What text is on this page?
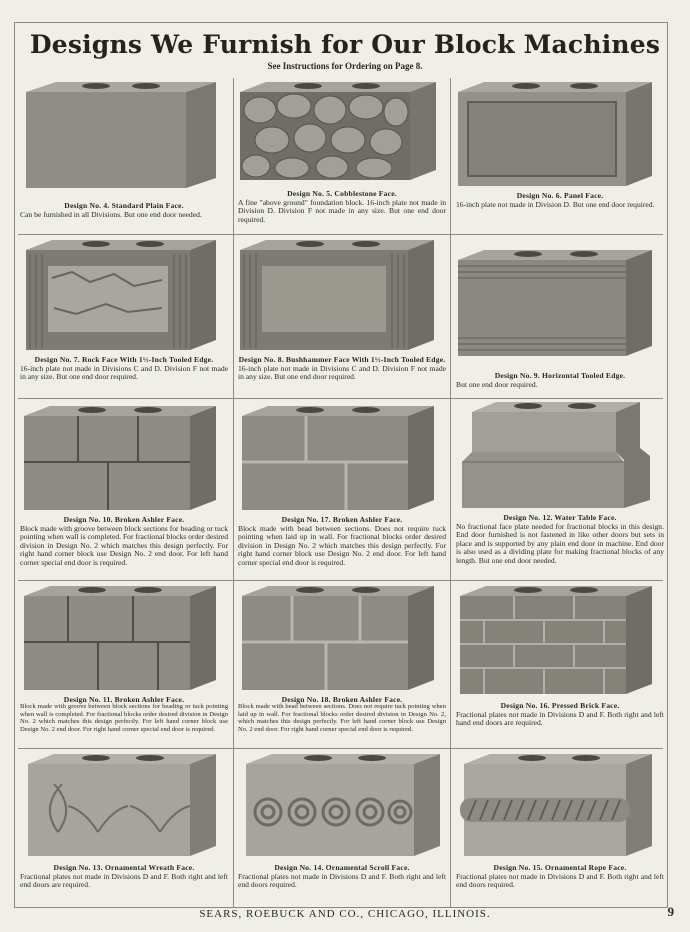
Designs We Furnish for Our Block Machines
See Instructions for Ordering on Page 8.
Design No. 4. Standard Plain Face.
Can be furnished in all Divisions. But one end door needed.
Design No. 5. Cobblestone Face.
A fine "above ground" foundation block. 16-inch plate not made in Division D. Division F not made in any size. But one end door required.
Design No. 6. Panel Face.
16-inch plate not made in Division D. But one end door required.
Design No. 7. Rock Face With 1½-Inch Tooled Edge.
16-inch plate not made in Divisions C and D. Division F not made in any size. But one end door required.
Design No. 8. Bushhammer Face With 1½-Inch Tooled Edge.
16-inch plate not made in Divisions C and D. Division F not made in any size. But one end door required.	Design No. 9. Horizontal Tooled Edge.
But one end door required.
Design No. 10. Broken Ashler Face.
Block made with groove between block sections for beading or tuck pointing when wall is completed. For fractional blocks order desired division in Design No. 2 which matches this design perfectly. For right hand corner block use Design No. 2 end door. For left hand corner special end door is required.
Design No. 17. Broken Ashler Face.
Block made with bead between sections. Does not require tuck pointing when laid up in wall. For fractional blocks order desired division in Design No. 2 which matches this design perfectly. For right hand corner block use Design No. 2 end door. For left hand corner special end door is required.
Design No. 12. Water Table Face.
No fractional face plate needed for fractional blocks in this design. End door furnished is not fastened in like other doors but sets in place and is supported by any plain end door in machine. End door is also used as a dividing plate for making fractional blocks of any length. But one end door needed.
Design No. 11. Broken Ashler Face.
Block made with groove between block sections for beading or tuck pointing when wall is completed. For fractional blocks order desired division in Design No. 2 which matches this design perfectly. For left hand corner block use Design No. 2 end door. For right hand corner special end door is required.
Design No. 18. Broken Ashler Face.
Block made with bead between sections. Does not require tuck pointing when laid up in wall. For fractional blocks order desired division in Design No. 2, which matches this design perfectly. For left hand corner block use Design No. 2 end door. For right hand corner special end door is required.
Design No. 16. Pressed Brick Face.
Fractional plates not made in Divisions D and F. Both right and left hand end doors are required.
Design No. 13. Ornamental Wreath Face.
Fractional plates not made in Divisions D and F. Both right and left end doors are required.
Design No. 14. Ornamental Scroll Face.
Fractional plates not made in Divisions D and F. Both right and left end doors required.
Design No. 15. Ornamental Rope Face.
Fractional plates not made in Divisions D and F. Both right and left end doors required.
SEARS, ROEBUCK AND CO., CHICAGO, ILLINOIS.	9
